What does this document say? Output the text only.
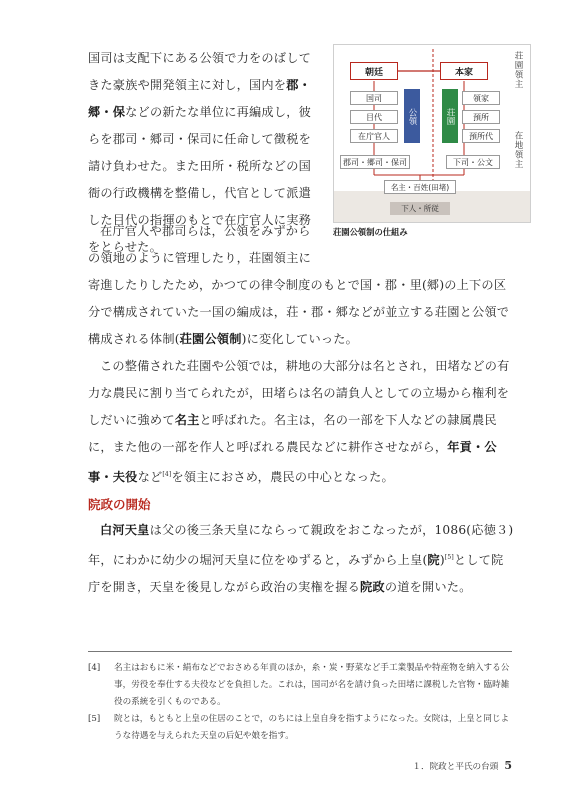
国司は支配下にある公領で力をのばしてきた豪族や開発領主に対し，国内を郡・郷・保などの新たな単位に再編成し，彼らを郡司・郷司・保司に任命して徴税を請け負わせた。また田所・税所などの国衙の行政機構を整備し，代官として派遣した目代の指揮のもとで在庁官人に実務をとらせた。
在庁官人や郡司らは，公領をみずからの領地のように管理したり，荘園領主に寄進したりしたため，かつての律令制度のもとで国・郡・里(郷)の上下の区分で構成されていた一国の編成は，荘・郡・郷などが並立する荘園と公領で構成される体制(荘園公領制)に変化していった。
この整備された荘園や公領では，耕地の大部分は名とされ，田堵などの有力な農民に割り当てられたが，田堵らは名の請負人としての立場から権利をしだいに強めて名主と呼ばれた。名主は，名の一部を下人などの隷属農民に，また他の一部を作人と呼ばれる農民などに耕作させながら，年貢・公事・夫役など[4]を領主におさめ，農民の中心となった。
院政の開始
白河天皇は父の後三条天皇にならって親政をおこなったが，1086(応徳３)年，にわかに幼少の堀河天皇に位をゆずると，みずから上皇(院)[5]として院庁を開き，天皇を後見しながら政治の実権を握る院政の道を開いた。
朝廷	本家
国司
目代
在庁官人
郡司・郷司・保司
公領	荘園
領家
預所
預所代
下司・公文
名主・百姓(田堵)
下人・所従
荘園領主
在地領主
荘園公領制の仕組み
[4] 名主はおもに米・絹布などでおさめる年貢のほか，糸・炭・野菜など手工業製品や特産物を納入する公事，労役を奉仕する夫役などを負担した。これは，国司が名を請け負った田堵に課税した官物・臨時雑役の系統を引くものである。
[5] 院とは，もともと上皇の住居のことで，のちには上皇自身を指すようになった。女院は，上皇と同じような待遇を与えられた天皇の后妃や娘を指す。
１．院政と平氏の台頭 5
